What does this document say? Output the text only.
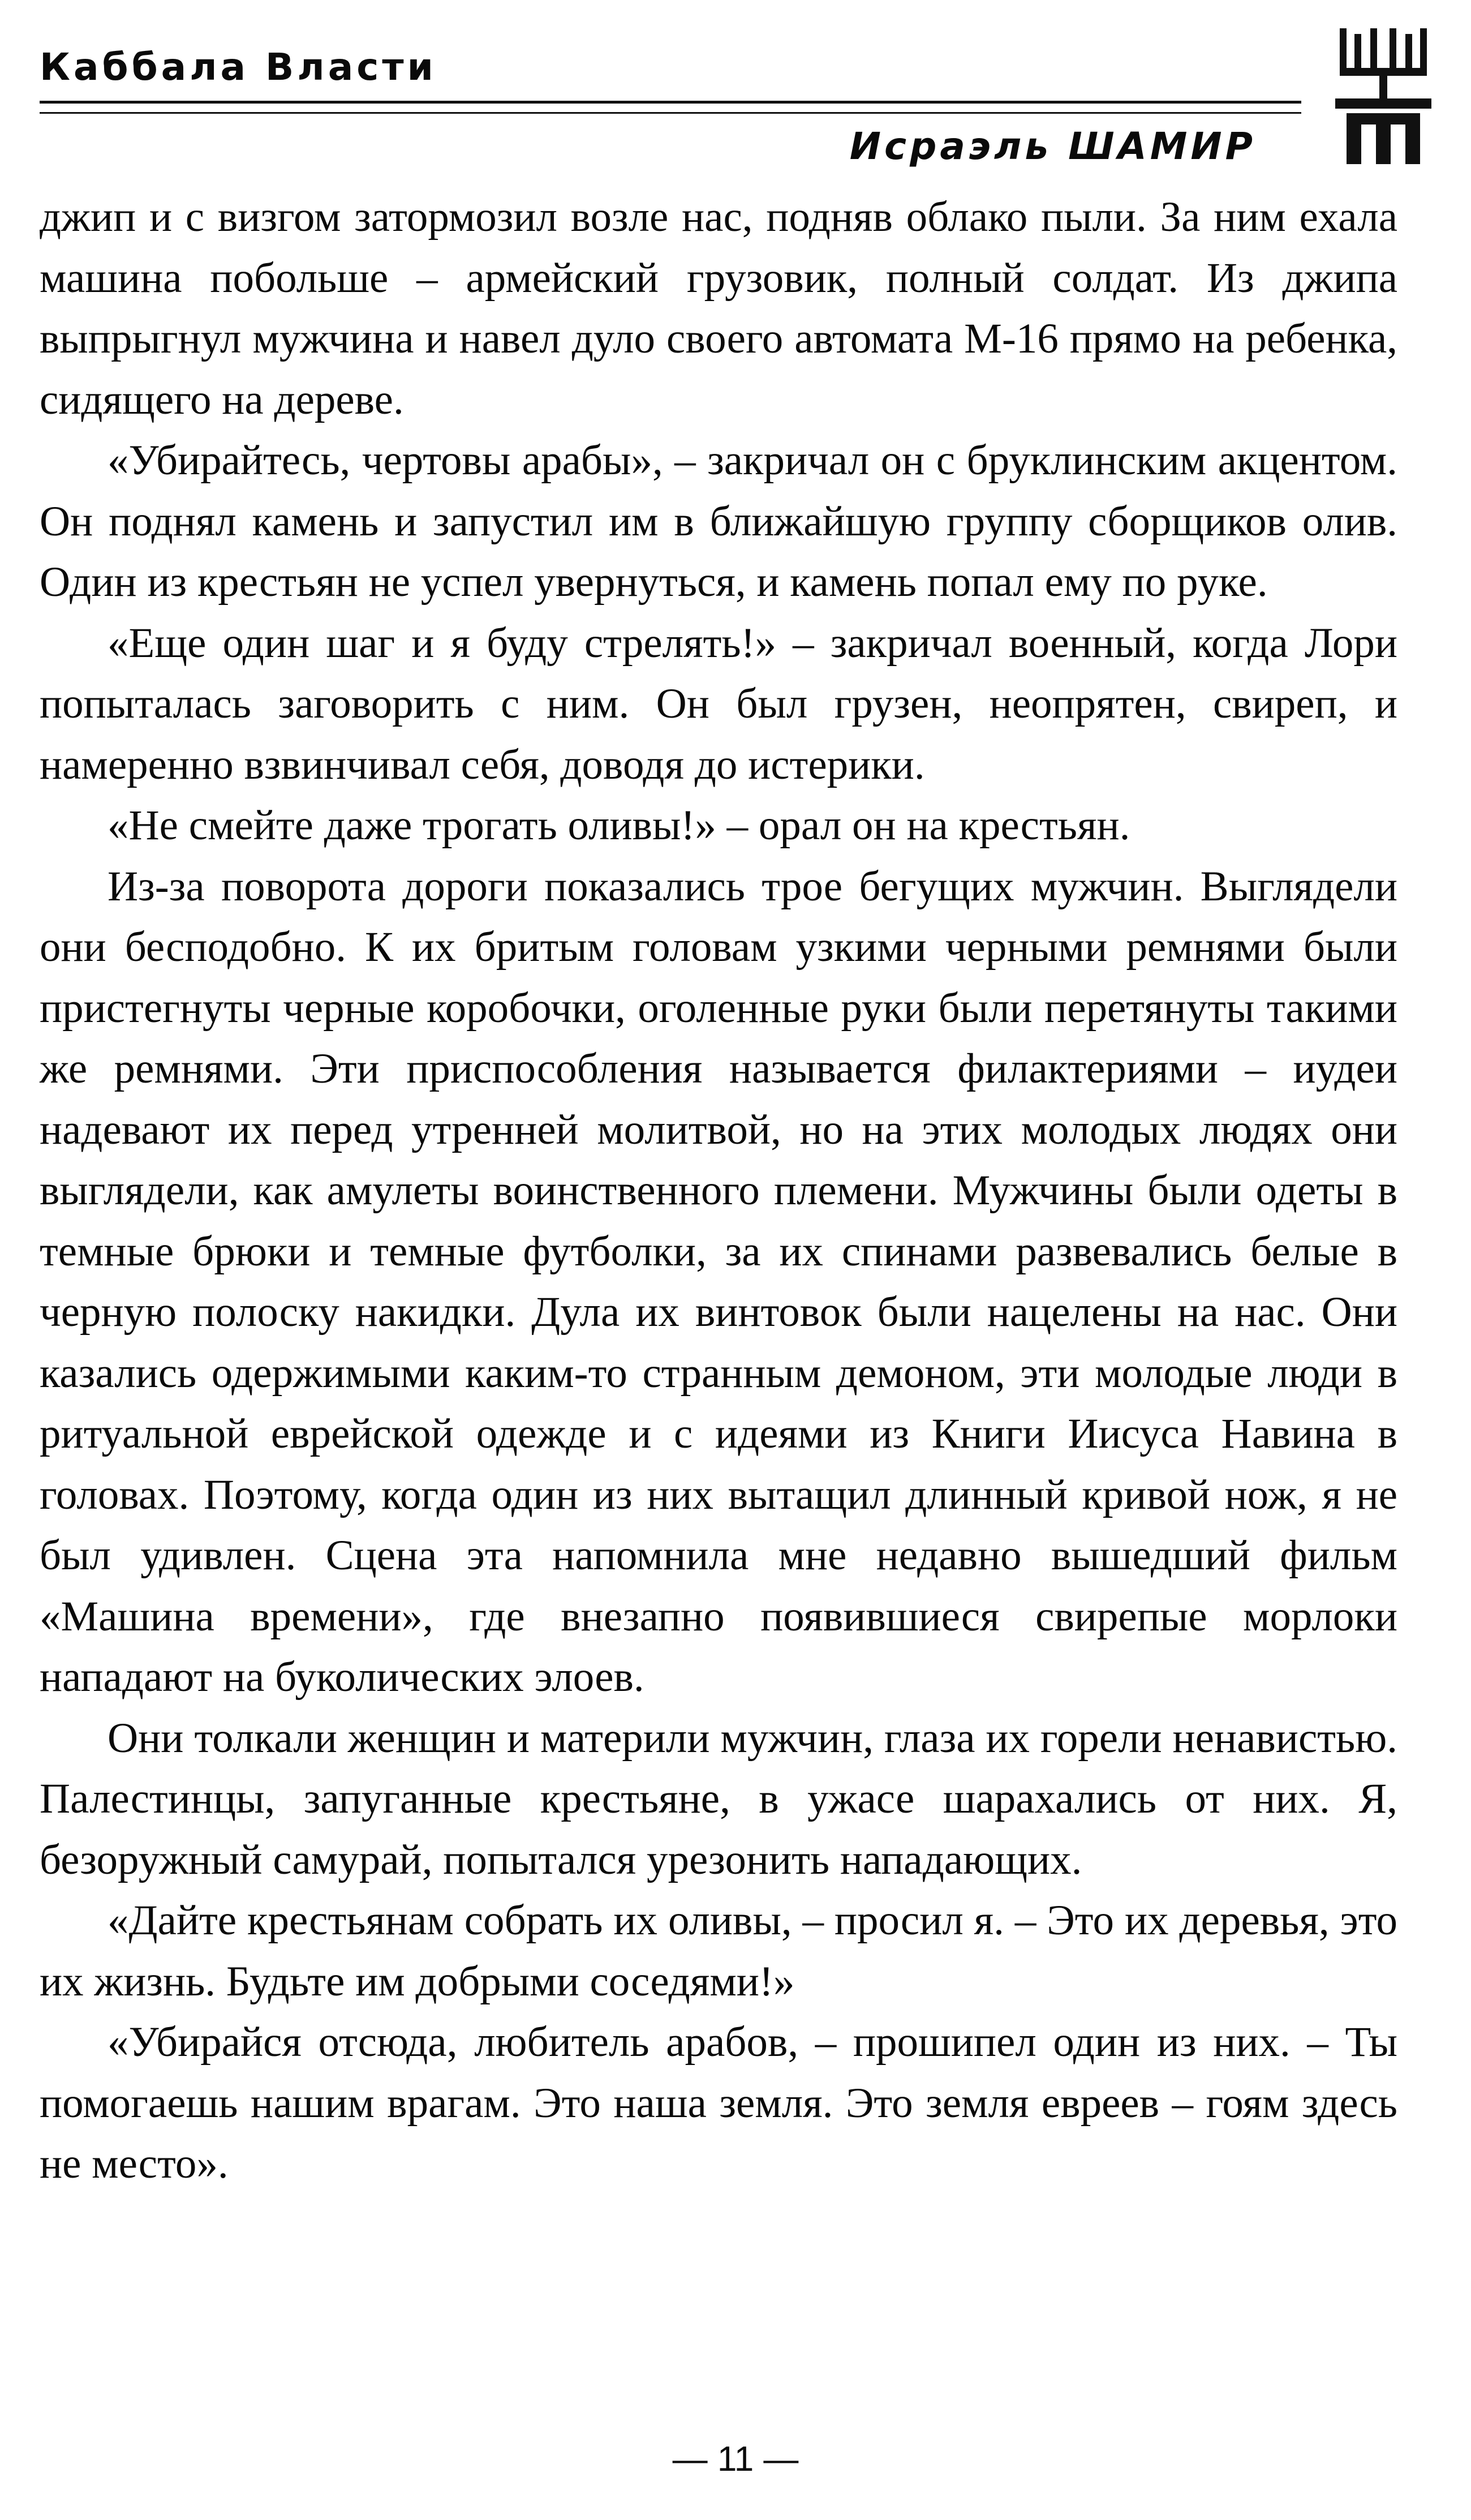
Каббала Власти
Исраэль ШАМИР

джип и с визгом затормозил возле нас, подняв облако пыли. За ним ехала машина побольше – армейский грузовик, полный солдат. Из джипа выпрыгнул мужчина и навел дуло своего автомата М-16 прямо на ребенка, сидящего на дереве.

«Убирайтесь, чертовы арабы», – закричал он с бруклинским акцентом. Он поднял камень и запустил им в ближайшую группу сборщиков олив. Один из крестьян не успел увернуться, и камень попал ему по руке.

«Еще один шаг и я буду стрелять!» – закричал военный, когда Лори попыталась заговорить с ним. Он был грузен, неопрятен, свиреп, и намеренно взвинчивал себя, доводя до истерики.

«Не смейте даже трогать оливы!» – орал он на крестьян.

Из-за поворота дороги показались трое бегущих мужчин. Выглядели они бесподобно. К их бритым головам узкими черными ремнями были пристегнуты черные коробочки, оголенные руки были перетянуты такими же ремнями. Эти приспособления называется филактериями – иудеи надевают их перед утренней молитвой, но на этих молодых людях они выглядели, как амулеты воинственного племени. Мужчины были одеты в темные брюки и темные футболки, за их спинами развевались белые в черную полоску накидки. Дула их винтовок были нацелены на нас. Они казались одержимыми каким-то странным демоном, эти молодые люди в ритуальной еврейской одежде и с идеями из Книги Иисуса Навина в головах. Поэтому, когда один из них вытащил длинный кривой нож, я не был удивлен. Сцена эта напомнила мне недавно вышедший фильм «Машина времени», где внезапно появившиеся свирепые морлоки нападают на буколических элоев.

Они толкали женщин и материли мужчин, глаза их горели ненавистью. Палестинцы, запуганные крестьяне, в ужасе шарахались от них. Я, безоружный самурай, попытался урезонить нападающих.

«Дайте крестьянам собрать их оливы, – просил я. – Это их деревья, это их жизнь. Будьте им добрыми соседями!»

«Убирайся отсюда, любитель арабов, – прошипел один из них. – Ты помогаешь нашим врагам. Это наша земля. Это земля евреев – гоям здесь не место».

— 11 —
